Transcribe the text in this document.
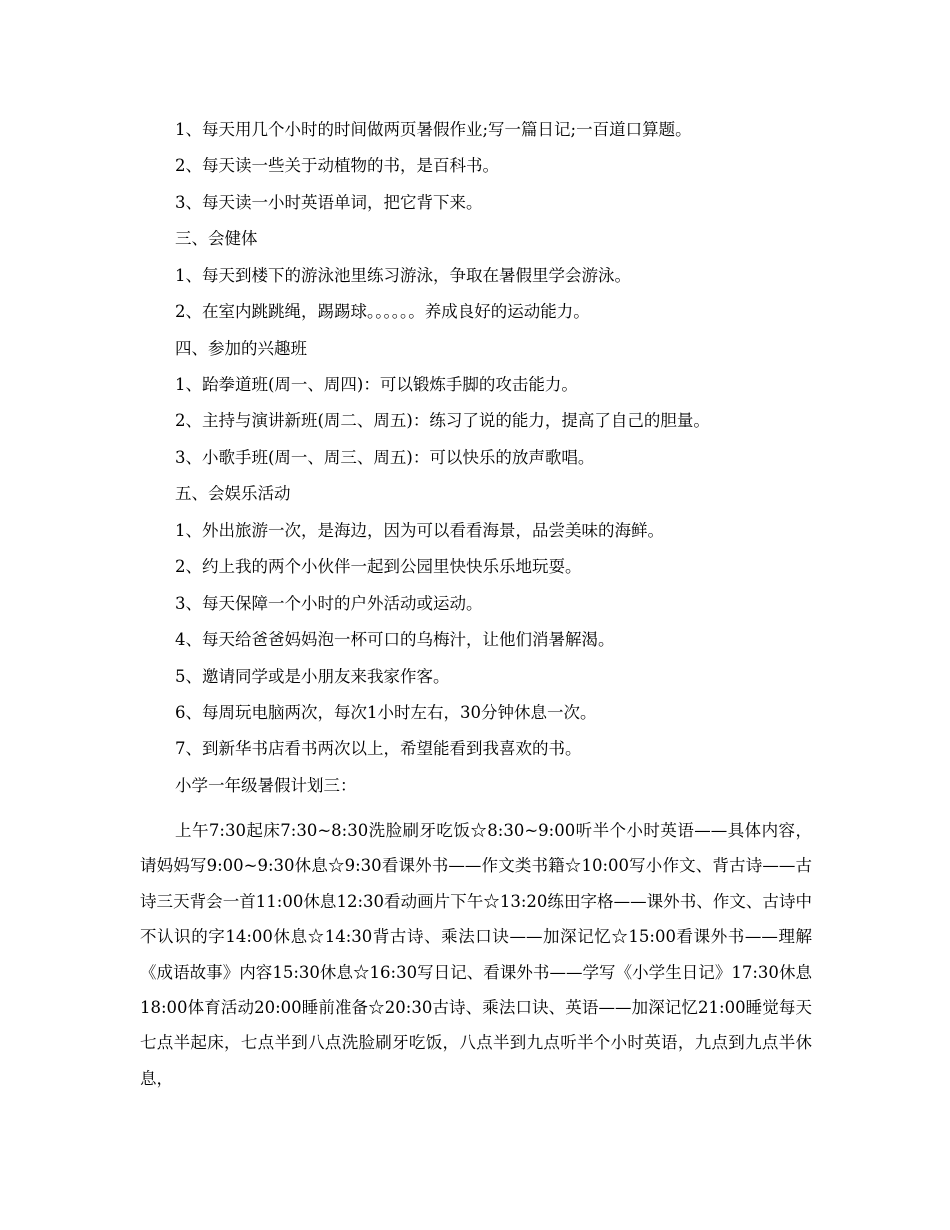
1、每天用几个小时的时间做两页暑假作业;写一篇日记;一百道口算题。
2、每天读一些关于动植物的书，是百科书。
3、每天读一小时英语单词，把它背下来。
三、会健体
1、每天到楼下的游泳池里练习游泳，争取在暑假里学会游泳。
2、在室内跳跳绳，踢踢球。。。。。。养成良好的运动能力。
四、参加的兴趣班
1、跆拳道班(周一、周四)：可以锻炼手脚的攻击能力。
2、主持与演讲新班(周二、周五)：练习了说的能力，提高了自己的胆量。
3、小歌手班(周一、周三、周五)：可以快乐的放声歌唱。
五、会娱乐活动
1、外出旅游一次，是海边，因为可以看看海景，品尝美味的海鲜。
2、约上我的两个小伙伴一起到公园里快快乐乐地玩耍。
3、每天保障一个小时的户外活动或运动。
4、每天给爸爸妈妈泡一杯可口的乌梅汁，让他们消暑解渴。
5、邀请同学或是小朋友来我家作客。
6、每周玩电脑两次，每次1小时左右，30分钟休息一次。
7、到新华书店看书两次以上，希望能看到我喜欢的书。
小学一年级暑假计划三：
上午7:30起床7:30~8:30洗脸刷牙吃饭☆8:30~9:00听半个小时英语——具体内容，请妈妈写9:00~9:30休息☆9:30看课外书——作文类书籍☆10:00写小作文、背古诗——古诗三天背会一首11:00休息12:30看动画片下午☆13:20练田字格——课外书、作文、古诗中不认识的字14:00休息☆14:30背古诗、乘法口诀——加深记忆☆15:00看课外书——理解《成语故事》内容15:30休息☆16:30写日记、看课外书——学写《小学生日记》17:30休息18:00体育活动20:00睡前准备☆20:30古诗、乘法口诀、英语——加深记忆21:00睡觉每天七点半起床，七点半到八点洗脸刷牙吃饭，八点半到九点听半个小时英语，九点到九点半休息，
